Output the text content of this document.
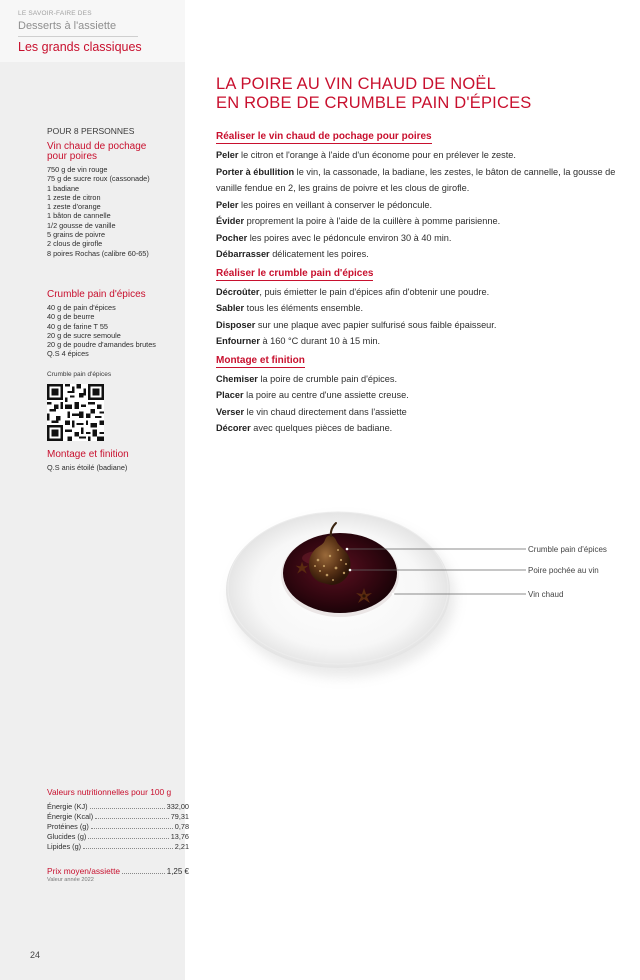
LE SAVOIR-FAIRE DES
Desserts à l'assiette
Les grands classiques
POUR 8 PERSONNES
Vin chaud de pochage
pour poires
750 g de vin rouge
75 g de sucre roux (cassonade)
1 badiane
1 zeste de citron
1 zeste d'orange
1 bâton de cannelle
1/2 gousse de vanille
5 grains de poivre
2 clous de girofle
8 poires Rochas (calibre 60-65)
Crumble pain d'épices
40 g de pain d'épices
40 g de beurre
40 g de farine T 55
20 g de sucre semoule
20 g de poudre d'amandes brutes
Q.S 4 épices
Crumble pain d'épices
Montage et finition
Q.S anis étoilé (badiane)
Valeurs nutritionnelles pour 100 g
Énergie (KJ)	332,00
Énergie (Kcal)	79,31
Protéines (g)	0,78
Glucides (g)	13,76
Lipides (g)	2,21
Prix moyen/assiette	1,25 €
Valeur année 2022
24
LA POIRE AU VIN CHAUD DE NOËL
EN ROBE DE CRUMBLE PAIN D'ÉPICES
Réaliser le vin chaud de pochage pour poires

Peler le citron et l'orange à l'aide d'un économe pour en prélever le zeste.

Porter à ébullition le vin, la cassonade, la badiane, les zestes, le bâton de cannelle, la gousse de vanille fendue en 2, les grains de poivre et les clous de girofle.

Peler les poires en veillant à conserver le pédoncule.

Évider proprement la poire à l'aide de la cuillère à pomme parisienne.

Pocher les poires avec le pédoncule environ 30 à 40 min.

Débarrasser délicatement les poires.

Réaliser le crumble pain d'épices

Décroûter, puis émietter le pain d'épices afin d'obtenir une poudre.

Sabler tous les éléments ensemble.

Disposer sur une plaque avec papier sulfurisé sous faible épaisseur.

Enfourner à 160 °C durant 10 à 15 min.

Montage et finition

Chemiser la poire de crumble pain d'épices.

Placer la poire au centre d'une assiette creuse.

Verser le vin chaud directement dans l'assiette

Décorer avec quelques pièces de badiane.

Crumble pain d'épices
Poire pochée au vin
Vin chaud
